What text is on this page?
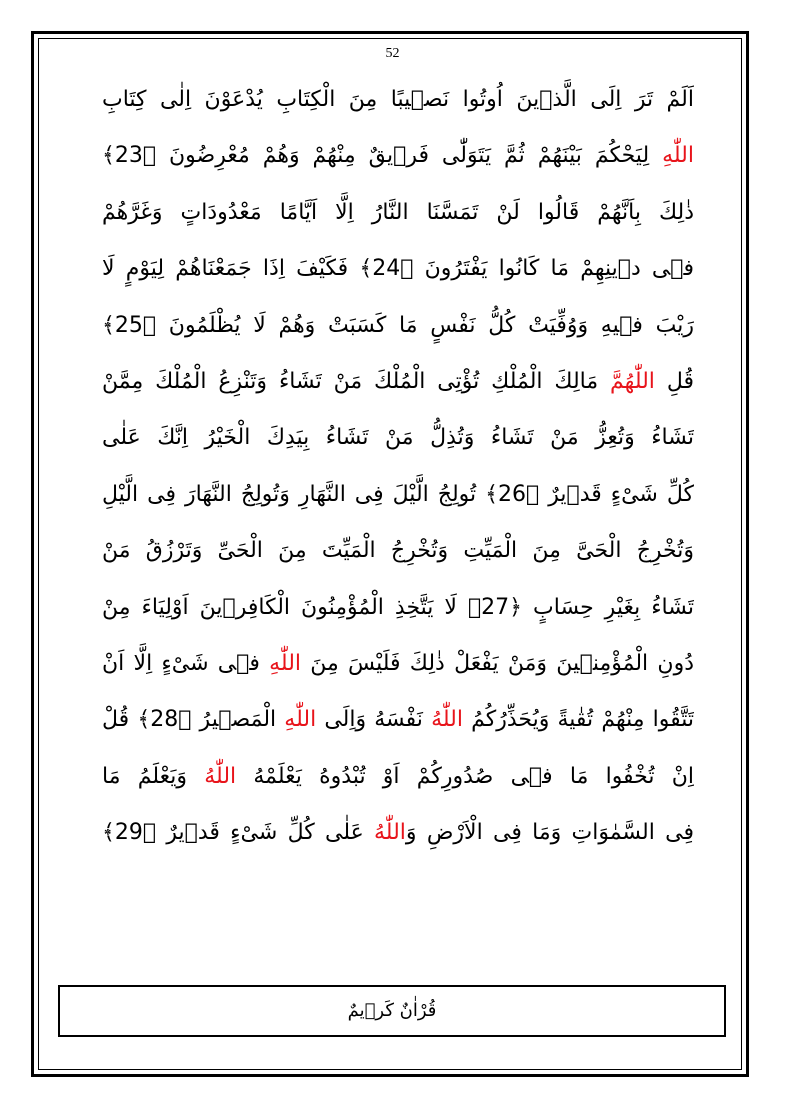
52
اَلَمْ تَرَ اِلَى الَّذٖينَ اُوتُوا نَصٖيبًا مِنَ الْكِتَابِ يُدْعَوْنَ اِلٰى كِتَابِ
اللّٰهِ لِيَحْكُمَ بَيْنَهُمْ ثُمَّ يَتَوَلّٰى فَرٖيقٌ مِنْهُمْ وَهُمْ مُعْرِضُونَ ﴿23﴾
ذٰلِكَ بِاَنَّهُمْ قَالُوا لَنْ تَمَسَّنَا النَّارُ اِلَّا اَيَّامًا مَعْدُودَاتٍ وَغَرَّهُمْ
فٖى دٖينِهِمْ مَا كَانُوا يَفْتَرُونَ ﴿24﴾ فَكَيْفَ اِذَا جَمَعْنَاهُمْ لِيَوْمٍ لَا
رَيْبَ فٖيهِ وَوُفِّيَتْ كُلُّ نَفْسٍ مَا كَسَبَتْ وَهُمْ لَا يُظْلَمُونَ ﴿25﴾
قُلِ اللّٰهُمَّ مَالِكَ الْمُلْكِ تُؤْتِى الْمُلْكَ مَنْ تَشَاءُ وَتَنْزِعُ الْمُلْكَ مِمَّنْ
تَشَاءُ وَتُعِزُّ مَنْ تَشَاءُ وَتُذِلُّ مَنْ تَشَاءُ بِيَدِكَ الْخَيْرُ اِنَّكَ عَلٰى
كُلِّ شَیْءٍ قَدٖيرٌ ﴿26﴾ تُولِجُ الَّيْلَ فِى النَّهَارِ وَتُولِجُ النَّهَارَ فِى الَّيْلِ
وَتُخْرِجُ الْحَىَّ مِنَ الْمَيِّتِ وَتُخْرِجُ الْمَيِّتَ مِنَ الْحَىِّ وَتَرْزُقُ مَنْ
تَشَاءُ بِغَيْرِ حِسَابٍ ﴿27﴾ لَا يَتَّخِذِ الْمُؤْمِنُونَ الْكَافِرٖينَ اَوْلِيَاءَ مِنْ
دُونِ الْمُؤْمِنٖينَ وَمَنْ يَفْعَلْ ذٰلِكَ فَلَيْسَ مِنَ اللّٰهِ فٖى شَیْءٍ اِلَّا اَنْ
تَتَّقُوا مِنْهُمْ تُقٰيةً وَيُحَذِّرُكُمُ اللّٰهُ نَفْسَهُ وَاِلَى اللّٰهِ الْمَصٖيرُ ﴿28﴾ قُلْ
اِنْ تُخْفُوا مَا فٖى صُدُورِكُمْ اَوْ تُبْدُوهُ يَعْلَمْهُ اللّٰهُ وَيَعْلَمُ مَا
فِى السَّمٰوَاتِ وَمَا فِى الْاَرْضِ وَاللّٰهُ عَلٰى كُلِّ شَیْءٍ قَدٖيرٌ ﴿29﴾
قُرْاٰنٌ كَرٖيمٌ
